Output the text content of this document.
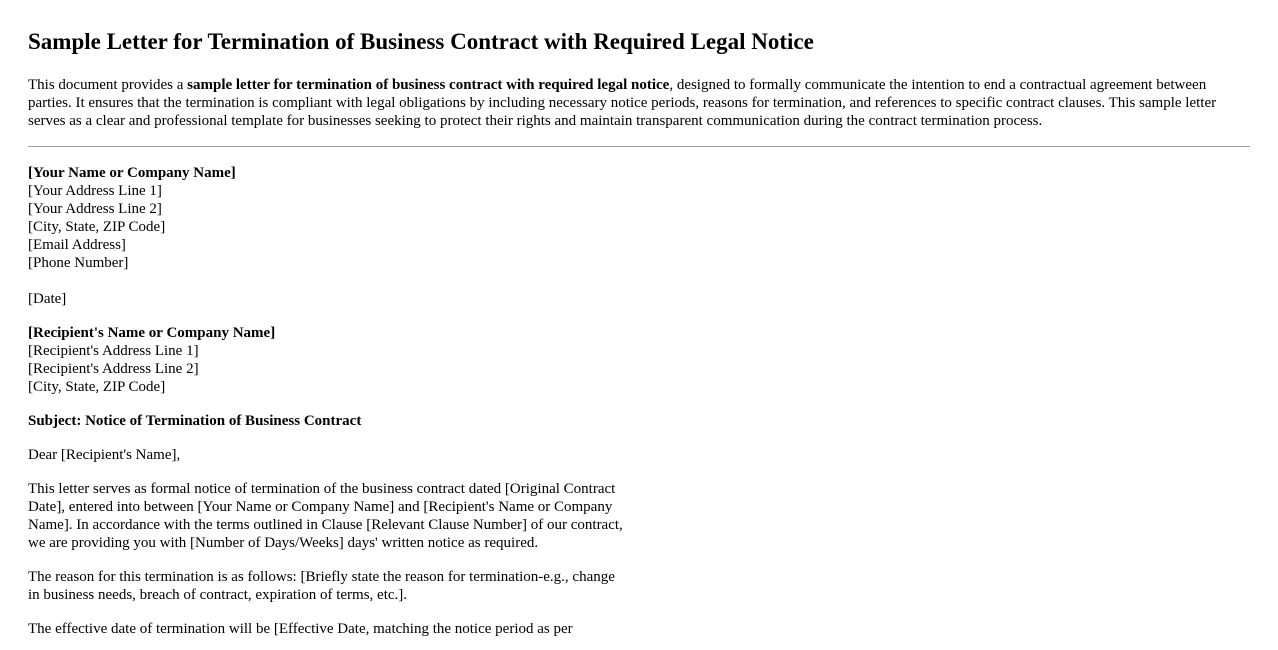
Sample Letter for Termination of Business Contract with Required Legal Notice
This document provides a sample letter for termination of business contract with required legal notice, designed to formally communicate the intention to end a contractual agreement between parties. It ensures that the termination is compliant with legal obligations by including necessary notice periods, reasons for termination, and references to specific contract clauses. This sample letter serves as a clear and professional template for businesses seeking to protect their rights and maintain transparent communication during the contract termination process.
[Your Name or Company Name]
[Your Address Line 1]
[Your Address Line 2]
[City, State, ZIP Code]
[Email Address]
[Phone Number]
[Date]
[Recipient's Name or Company Name]
[Recipient's Address Line 1]
[Recipient's Address Line 2]
[City, State, ZIP Code]
Subject: Notice of Termination of Business Contract
Dear [Recipient's Name],
This letter serves as formal notice of termination of the business contract dated [Original Contract Date], entered into between [Your Name or Company Name] and [Recipient's Name or Company Name]. In accordance with the terms outlined in Clause [Relevant Clause Number] of our contract, we are providing you with [Number of Days/Weeks] days' written notice as required.
The reason for this termination is as follows: [Briefly state the reason for termination-e.g., change in business needs, breach of contract, expiration of terms, etc.].
The effective date of termination will be [Effective Date, matching the notice period as per
